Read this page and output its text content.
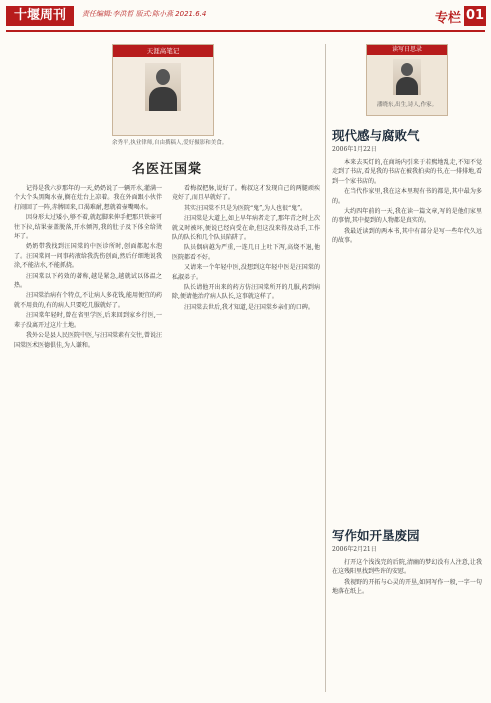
十堰周刊	责任编辑:李洪哲 版式:陈小燕 2021.6.4	专栏 01
天涯高笔记
余秀平,执业律师,自由撰稿人,爱好摄影和美食。
名医汪国棠

记得是我六岁那年的一天,奶奶说了一辆开水,灌满一个大个头黑陶水壶,搁在灶台上凉着。我在外面跟小伙伴打闹回了一阵,赤膊回来,口渴难耐,想就着壶嘴喝水。

因身形太过矮小,够不着,就起脚来伸手把那只铁壶可往下拉,结果壶盖脱落,开水倾泻,我的肚子及下体全给烫坏了。

奶奶带我找到汪国棠的中医诊所时,创面都起水泡了。汪国棠问一问事药液给我洗伤创面,然后仔细地说我涂,不能沾水,不能抓挠。

汪国棠以下药效的著称,越是紧急,越就试以体温之热。

汪国棠治病有个特点,不让病人多花钱,能用便宜的药就不用贵的,有的病人只要吃几服就好了。

汪国棠年轻时,曾在省里学医,后来回到家乡行医,一辈子没离开过这片土地。

我外公是县人民医院中医,与汪国棠素有交往,曾说汪国棠医术医德俱佳,为人谦和。

看梅叔把脉,说好了。梅叔这才发现自己的两腿顽疾竟好了,而且早就好了。

其实汪国棠不只是为医院“鬼”,为人也很“鬼”。

汪国棠是大道上,如上早年病者走了,那年青之时上次就义时被坏,便说已经向受在命,但这没来得及动手,工作队的队长和几个队员陷阱了。

队员偶病越为严重,一连几日上吐下泻,高烧不退,他医院都看不好。

又请来一个年轻中医,没想到这年轻中医是汪国棠的私淑弟子。

队长请他开出来的药方仿汪国棠所开的几服,药到病除,便请他治疗病人队长,这事就这样了。

汪国棠去世后,我才知道,是汪国棠乡亲们的口碑。

读写日思录
潘晓东,出生,诗人,作家。
现代感与腐败气
2006年1月22日

本来去买灯的,在商场内引来于若熙地乱走,不知不觉走到了书店,看见我的书店在被我拍卖的书,在一排排地,看到一个家书店的。

在当代作家里,我在这本里现有书的都是,其中最为多的。

大约四年前的一天,我在读一篇文章,写的是他们家里的事情,其中提到的人物都是真实的。

我最近读到的两本书,其中有部分是写一些年代久远的故事。

写作如开垦废园
2006年2月21日

打开这个浅浅完的后院,清幽的梦幻没有人注意,让我在这残阳里找到些许的安慰。

我视野的开拓与心灵的开垦,如同写作一般,一字一句地落在纸上。
